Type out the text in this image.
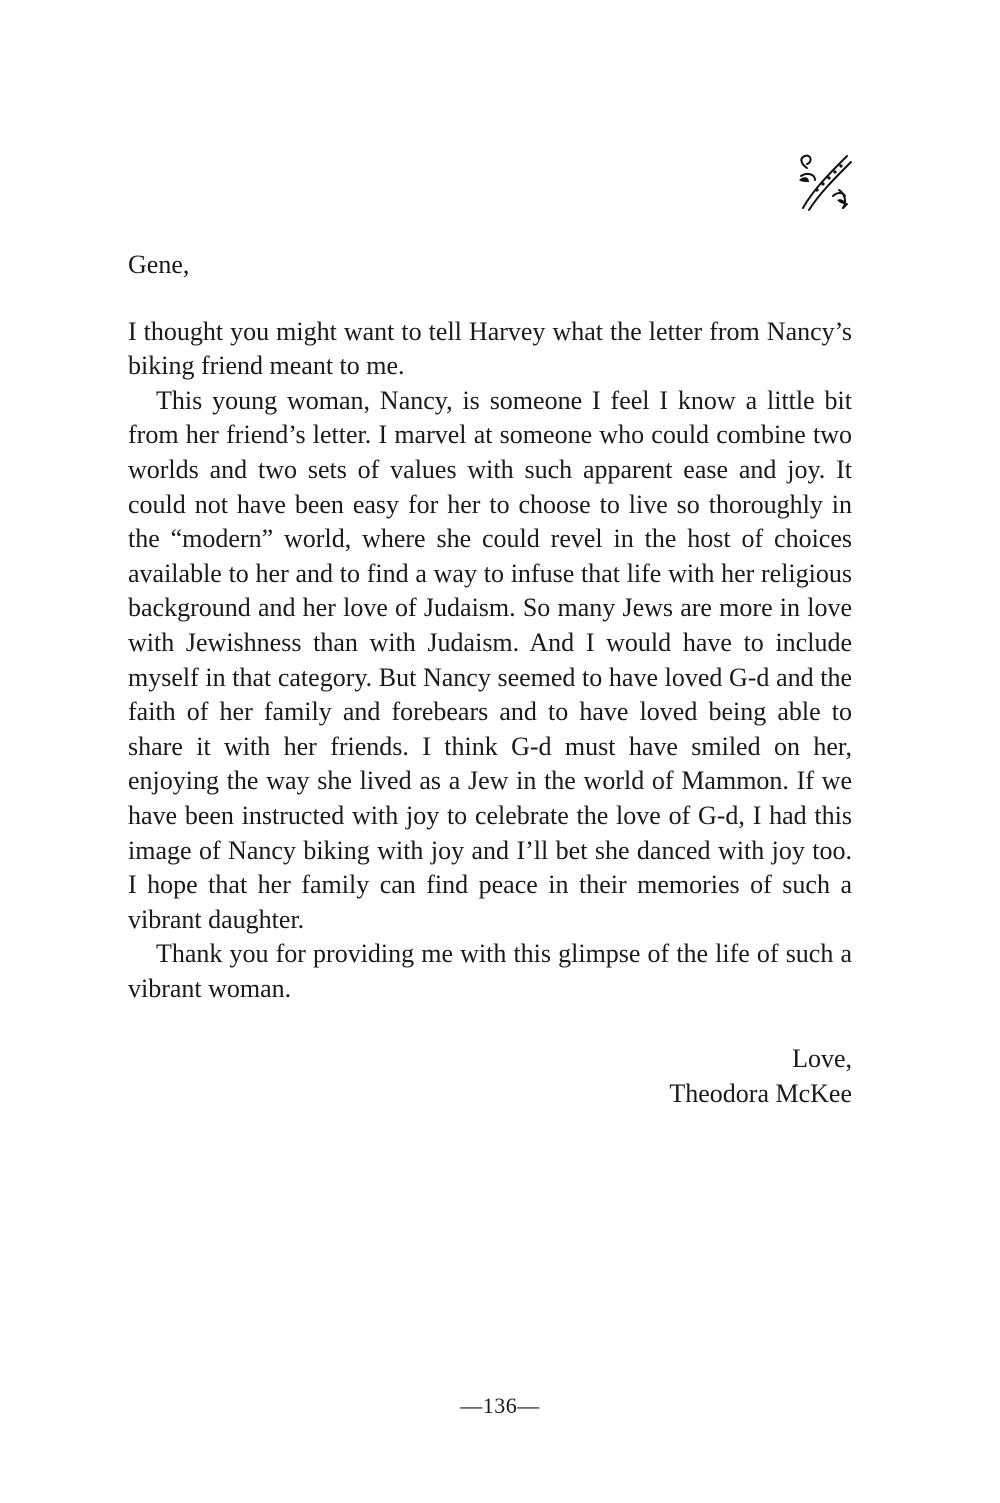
Gene,

I thought you might want to tell Harvey what the letter from Nancy’s biking friend meant to me.

This young woman, Nancy, is someone I feel I know a little bit from her friend’s letter. I marvel at someone who could combine two worlds and two sets of values with such apparent ease and joy. It could not have been easy for her to choose to live so thoroughly in the “modern” world, where she could revel in the host of choices available to her and to find a way to infuse that life with her religious background and her love of Judaism. So many Jews are more in love with Jewishness than with Judaism. And I would have to include myself in that category. But Nancy seemed to have loved G-d and the faith of her family and forebears and to have loved being able to share it with her friends. I think G-d must have smiled on her, enjoying the way she lived as a Jew in the world of Mammon. If we have been instructed with joy to celebrate the love of G-d, I had this image of Nancy biking with joy and I’ll bet she danced with joy too. I hope that her family can find peace in their memories of such a vibrant daughter.

Thank you for providing me with this glimpse of the life of such a vibrant woman.

Love,
Theodora McKee
—136—
